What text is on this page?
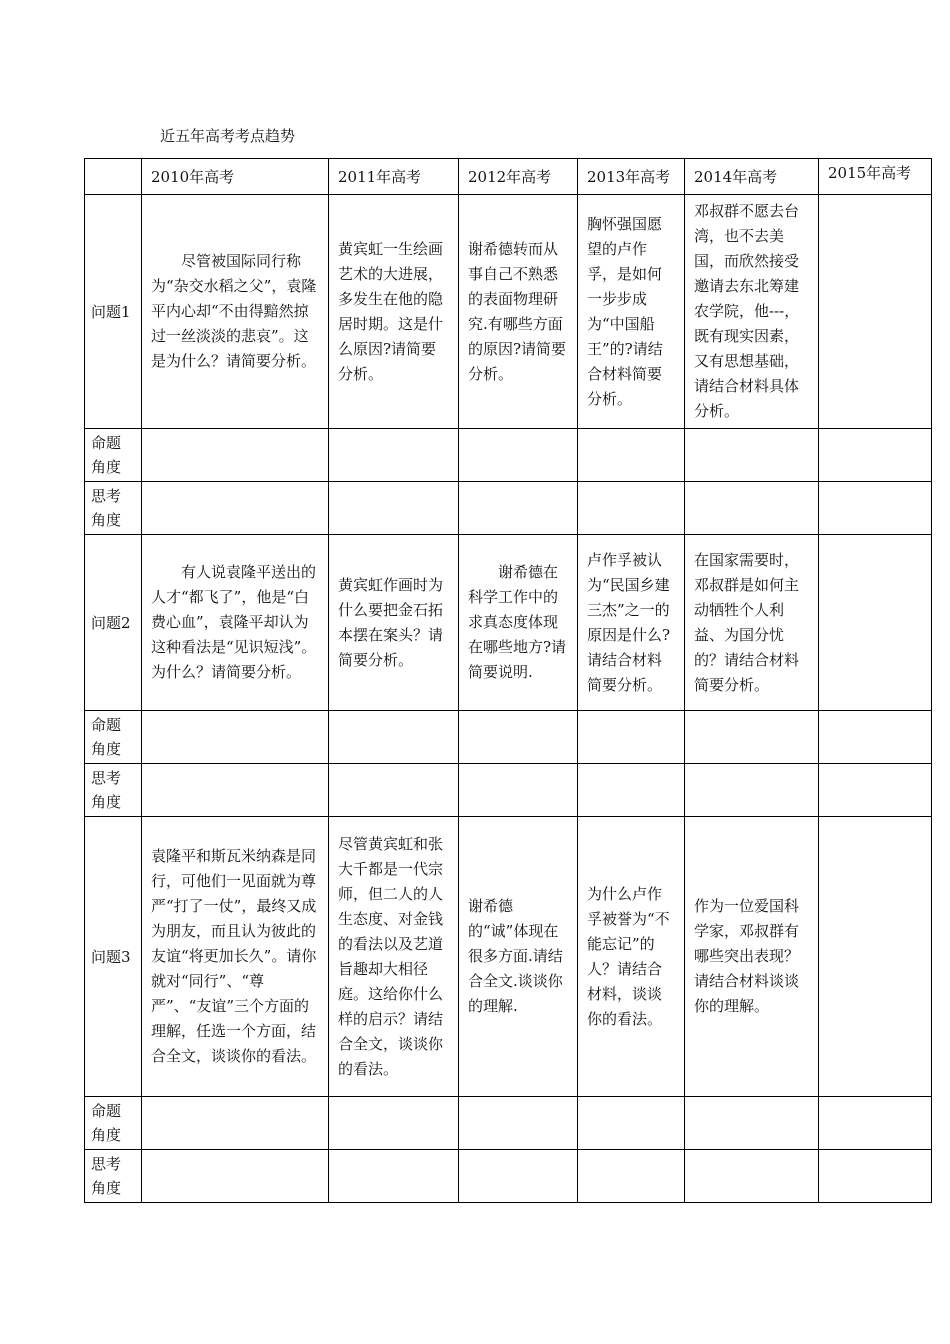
近五年高考考点趋势
	2010年高考	2011年高考	2012年高考	2013年高考	2014年高考	2015年高考
问题1	尽管被国际同行称为“杂交水稻之父”，袁隆平内心却“不由得黯然掠过一丝淡淡的悲哀”。这是为什么？请简要分析。	黄宾虹一生绘画艺术的大进展，多发生在他的隐居时期。这是什么原因?请简要分析。	谢希德转而从事自己不熟悉的表面物理研究.有哪些方面的原因?请简要分析。	胸怀强国愿望的卢作孚，是如何一步步成为“中国船王”的?请结合材料简要分析。	邓叔群不愿去台湾，也不去美国，而欣然接受邀请去东北筹建农学院，他---，既有现实因素，又有思想基础，请结合材料具体分析。	
命题角度						
思考角度						
问题2	有人说袁隆平送出的人才“都飞了”，他是“白费心血”，袁隆平却认为这种看法是“见识短浅”。为什么？请简要分析。	黄宾虹作画时为什么要把金石拓本摆在案头？请简要分析。	谢希德在科学工作中的求真态度体现在哪些地方?请简要说明.	卢作孚被认为“民国乡建三杰”之一的原因是什么?请结合材料简要分析。	在国家需要时，邓叔群是如何主动牺牲个人利益、为国分忧的？请结合材料简要分析。	
命题角度						
思考角度						
问题3	袁隆平和斯瓦米纳森是同行，可他们一见面就为尊严“打了一仗”，最终又成为朋友，而且认为彼此的友谊“将更加长久”。请你就对“同行”、“尊严”、“友谊”三个方面的理解，任选一个方面，结合全文，谈谈你的看法。	尽管黄宾虹和张大千都是一代宗师，但二人的人生态度、对金钱的看法以及艺道旨趣却大相径庭。这给你什么样的启示？请结合全文，谈谈你的看法。	谢希德的“诚”体现在很多方面.请结合全文.谈谈你的理解.	为什么卢作孚被誉为“不能忘记”的人？请结合材料，谈谈你的看法。	作为一位爱国科学家，邓叔群有哪些突出表现？请结合材料谈谈你的理解。	
命题角度						
思考角度						
